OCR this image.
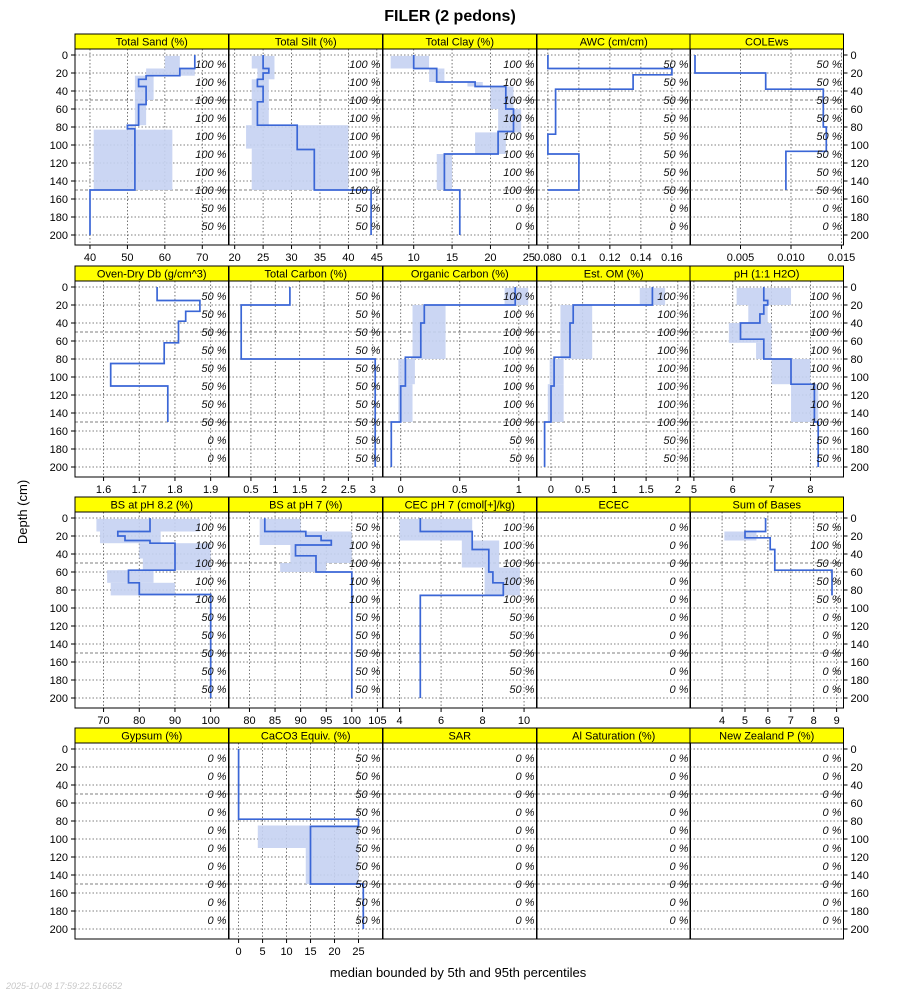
FILER (2 pedons)
Depth (cm)
median bounded by 5th and 95th percentiles
2025-10-08 17:59:22.516652
Total Sand (%)
100 %
100 %
100 %
100 %
100 %
100 %
100 %
100 %
50 %
50 %
40 50 60 70
0
20
40
60
80
100
120
140
160
180
200
Total Silt (%)
100 %
100 %
100 %
100 %
100 %
100 %
100 %
100 %
50 %
50 %
20 25 30 35 40 45
Total Clay (%)
100 %
100 %
100 %
100 %
100 %
100 %
100 %
100 %
0 %
0 %
10 15 20 25
AWC (cm/cm)
50 %
50 %
50 %
50 %
50 %
50 %
50 %
50 %
0 %
0 %
0.080 0.1 0.12 0.14 0.16
COLEws
50 %
50 %
50 %
50 %
50 %
50 %
50 %
50 %
0 %
0 %
0.005 0.010 0.015
0
20
40
60
80
100
120
140
160
180
200
Oven-Dry Db (g/cm^3)
50 %
50 %
50 %
50 %
50 %
50 %
50 %
50 %
0 %
0 %
1.6 1.7 1.8 1.9
0
20
40
60
80
100
120
140
160
180
200
Total Carbon (%)
50 %
50 %
50 %
50 %
50 %
50 %
50 %
50 %
50 %
50 %
0.5 1 1.5 2 2.5 3
Organic Carbon (%)
100 %
100 %
100 %
100 %
100 %
100 %
100 %
100 %
50 %
50 %
0	0.5	1
Est. OM (%)
100 %
100 %
100 %
100 %
100 %
100 %
100 %
100 %
50 %
50 %
0 0.5 1 1.5 2
pH (1:1 H2O)
100 %
100 %
100 %
100 %
100 %
100 %
100 %
100 %
50 %
50 %
5	6	7	8
0
20
40
60
80
100
120
140
160
180
200
BS at pH 8.2 (%)
100 %
100 %
100 %
100 %
100 %
50 %
50 %
50 %
50 %
50 %
70 80 90 100
0
20
40
60
80
100
120
140
160
180
200
BS at pH 7 (%)
50 %
100 %
100 %
100 %
100 %
50 %
50 %
50 %
50 %
50 %
80 85 90 95 100 105
CEC pH 7 (cmol[+]/kg)
100 %
100 %
100 %
100 %
100 %
50 %
50 %
50 %
50 %
50 %
4	6	8	10
ECEC
0 %
0 %
0 %
0 %
0 %
0 %
0 %
0 %
0 %
0 %
Sum of Bases
50 %
100 %
50 %
50 %
50 %
0 %
0 %
0 %
0 %
0 %
4 5 6 7 8 9
0
20
40
60
80
100
120
140
160
180
200
Gypsum (%)
0 %
0 %
0 %
0 %
0 %
0 %
0 %
0 %
0 %
0 %
0
20
40
60
80
100
120
140
160
180
200
CaCO3 Equiv. (%)
50 %
50 %
50 %
50 %
50 %
50 %
50 %
50 %
50 %
50 %
0 5 10 15 20 25
SAR
0 %
0 %
0 %
0 %
0 %
0 %
0 %
0 %
0 %
0 %
Al Saturation (%)
0 %
0 %
0 %
0 %
0 %
0 %
0 %
0 %
0 %
0 %
New Zealand P (%)
0 %
0 %
0 %
0 %
0 %
0 %
0 %
0 %
0 %
0 %
0
20
40
60
80
100
120
140
160
180
200
